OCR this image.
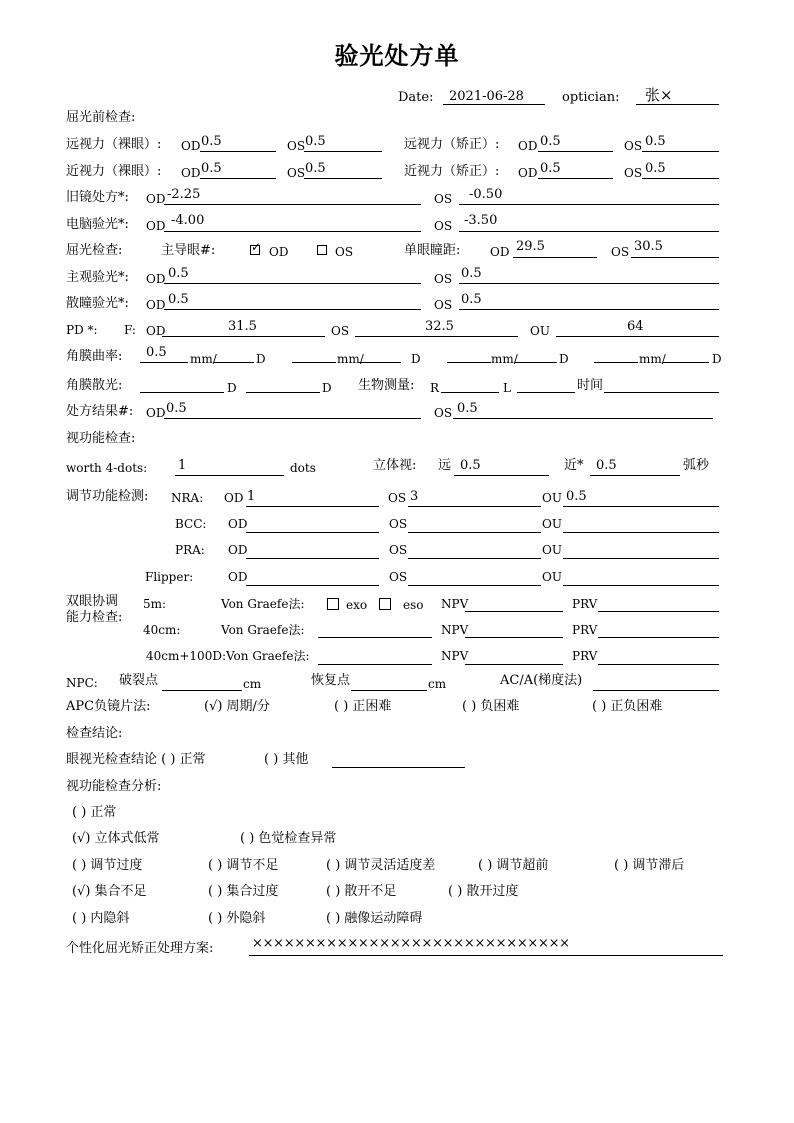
验光处方单
Date: 2021-06-28	optician: 张×
屈光前检查:
远视力（裸眼）: OD 0.5	OS 0.5	远视力（矫正）: OD 0.5	OS 0.5
近视力（裸眼）: OD 0.5	OS 0.5	近视力（矫正）: OD 0.5	OS 0.5
旧镜处方*: OD -2.25	OS -0.50
电脑验光*: OD -4.00	OS -3.50
屈光检查:	主导眼#:	✓ OD	OS	单眼瞳距: OD 29.5	OS 30.5
主观验光*: OD 0.5	OS 0.5
散瞳验光*: OD 0.5	OS 0.5
PD *: F: OD	31.5	OS	32.5	OU	64
角膜曲率: 0.5 mm/	D	mm/	D	mm/	D	mm/	D
角膜散光:	D	D 生物测量: R	L	时间
处方结果#: OD 0.5	OS 0.5
视功能检查:
worth 4-dots: 1	dots	立体视: 远 0.5	近* 0.5	弧秒
调节功能检测: NRA: OD 1	OS 3	OU 0.5
BCC: OD	OS	OU
PRA: OD	OS	OU
Flipper:	OD	OS	OU
双眼协调
能力检查:
5m:	Von Graefe法:	exo	eso NPV	PRV
40cm:	Von Graefe法:	NPV	PRV
40cm+100D:Von Graefe法:	NPV	PRV
NPC: 破裂点	cm	恢复点	cm	AC/A(梯度法)
APC负镜片法:	(√) 周期/分	( ) 正困难	( ) 负困难	( ) 正负困难
检查结论:
眼视光检查结论 ( ) 正常	( ) 其他
视功能检查分析:
( ) 正常
(√) 立体式低常	( ) 色觉检查异常
( ) 调节过度	( ) 调节不足	( ) 调节灵活适度差	( ) 调节超前	( ) 调节滞后
(√) 集合不足	( ) 集合过度	( ) 散开不足	( ) 散开过度
( ) 内隐斜	( ) 外隐斜	( ) 融像运动障碍
个性化屈光矫正处理方案:	××××××××××××××××××××××××××××××
